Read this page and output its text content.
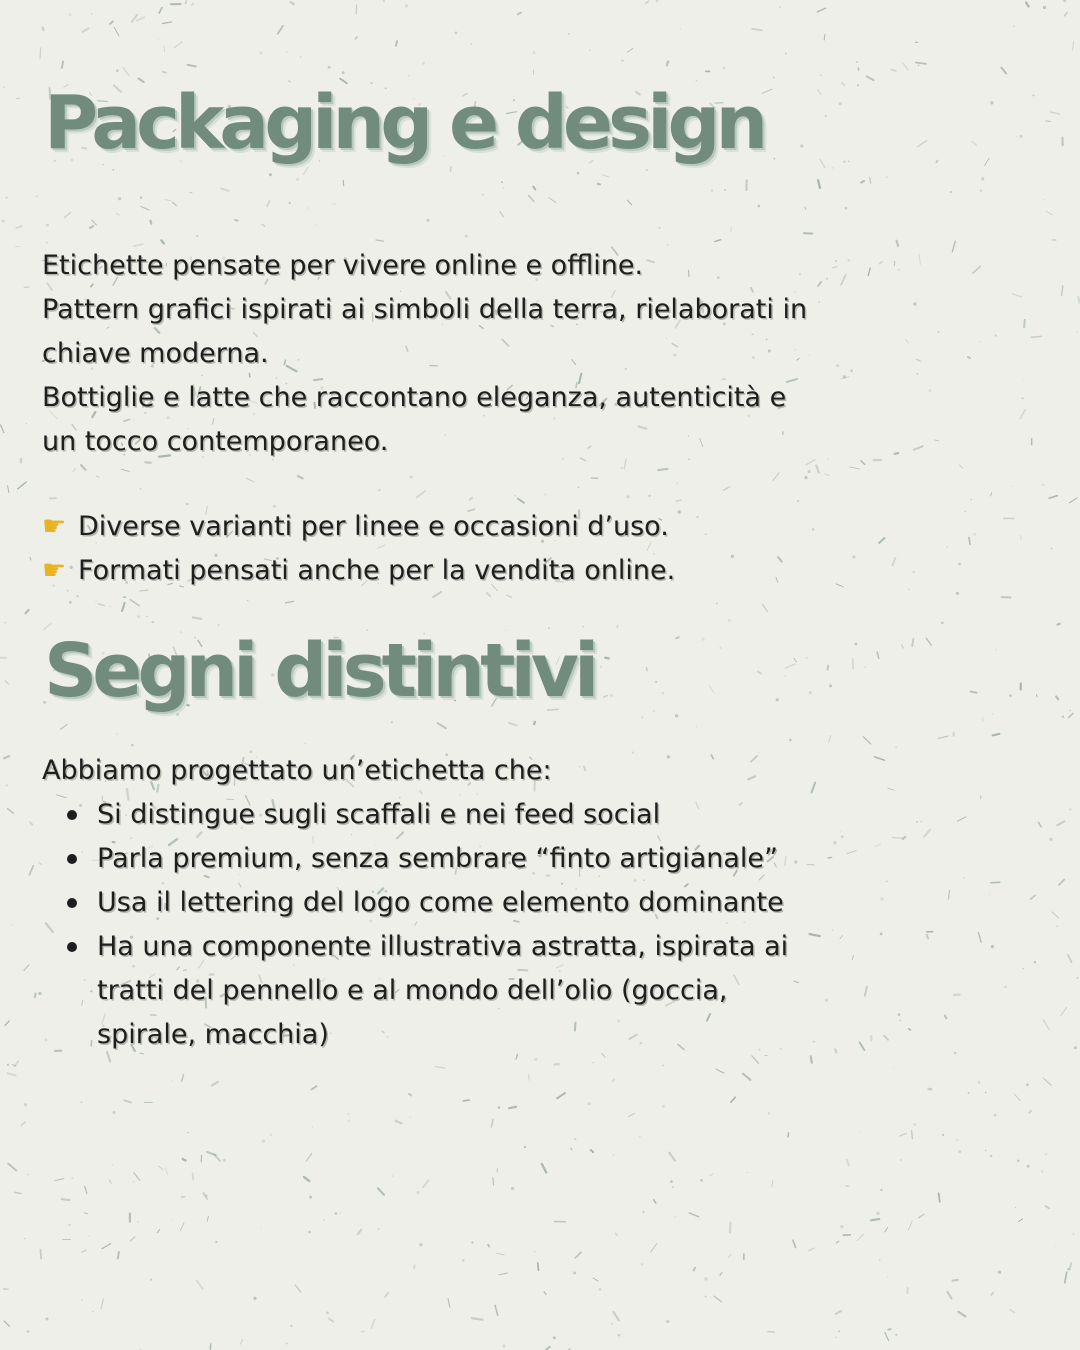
Packaging e design

Etichette pensate per vivere online e offline.
Pattern grafici ispirati ai simboli della terra, rielaborati in
chiave moderna.
Bottiglie e latte che raccontano eleganza, autenticità e
un tocco contemporaneo.

☛ Diverse varianti per linee e occasioni d’uso.
☛ Formati pensati anche per la vendita online.
Segni distintivi

Abbiamo progettato un’etichetta che:

Si distingue sugli scaffali e nei feed social
Parla premium, senza sembrare “finto artigianale”
Usa il lettering del logo come elemento dominante
Ha una componente illustrativa astratta, ispirata ai
tratti del pennello e al mondo dell’olio (goccia,
spirale, macchia)
